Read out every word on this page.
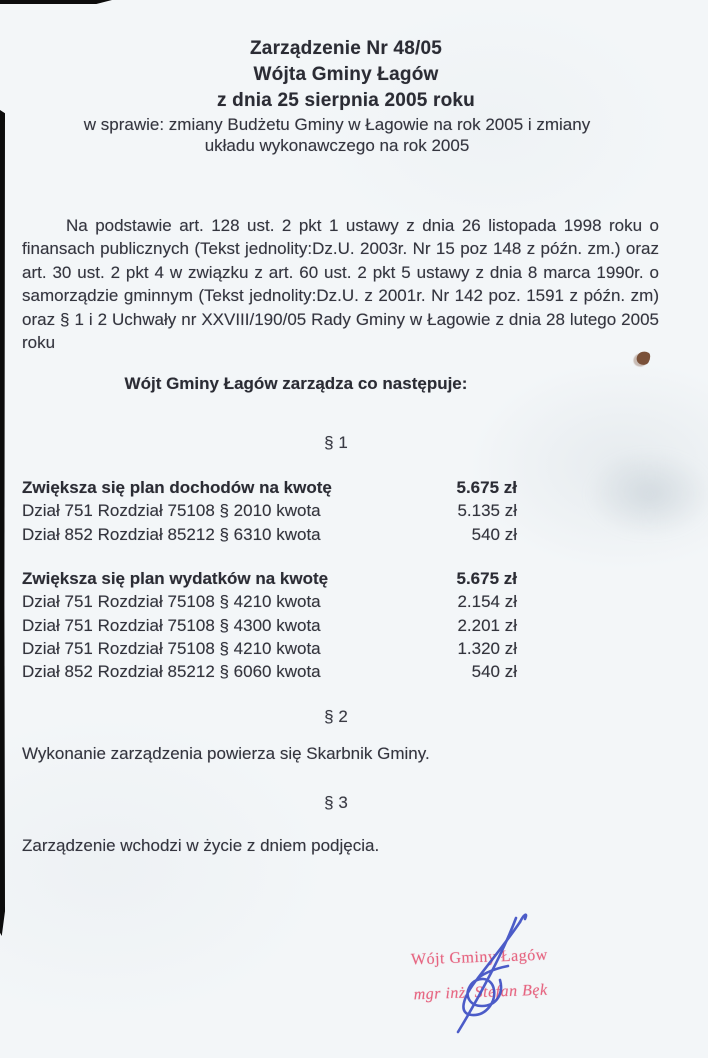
Zarządzenie Nr 48/05
Wójta Gminy Łagów
z dnia 25 sierpnia 2005 roku
w sprawie: zmiany Budżetu Gminy w Łagowie na rok 2005 i zmiany
układu wykonawczego na rok 2005
Na podstawie art. 128 ust. 2 pkt 1 ustawy z dnia 26 listopada 1998 roku o finansach publicznych (Tekst jednolity:Dz.U. 2003r. Nr 15 poz 148 z późn. zm.) oraz art. 30 ust. 2 pkt 4 w związku z art. 60 ust. 2 pkt 5 ustawy z dnia 8 marca 1990r. o samorządzie gminnym (Tekst jednolity:Dz.U. z 2001r. Nr 142 poz. 1591 z późn. zm) oraz § 1 i 2 Uchwały nr XXVIII/190/05 Rady Gminy w Łagowie z dnia 28 lutego 2005 roku
Wójt Gminy Łagów zarządza co następuje:
§ 1
Zwiększa się plan dochodów na kwotę	5.675 zł
Dział 751 Rozdział 75108 § 2010 kwota	5.135 zł
Dział 852 Rozdział 85212 § 6310 kwota	540 zł
Zwiększa się plan wydatków na kwotę	5.675 zł
Dział 751 Rozdział 75108 § 4210 kwota	2.154 zł
Dział 751 Rozdział 75108 § 4300 kwota	2.201 zł
Dział 751 Rozdział 75108 § 4210 kwota	1.320 zł
Dział 852 Rozdział 85212 § 6060 kwota	540 zł
§ 2
Wykonanie zarządzenia powierza się Skarbnik Gminy.
§ 3
Zarządzenie wchodzi w życie z dniem podjęcia.
Wójt Gminy Łagów
mgr inż. Stefan Bęk
